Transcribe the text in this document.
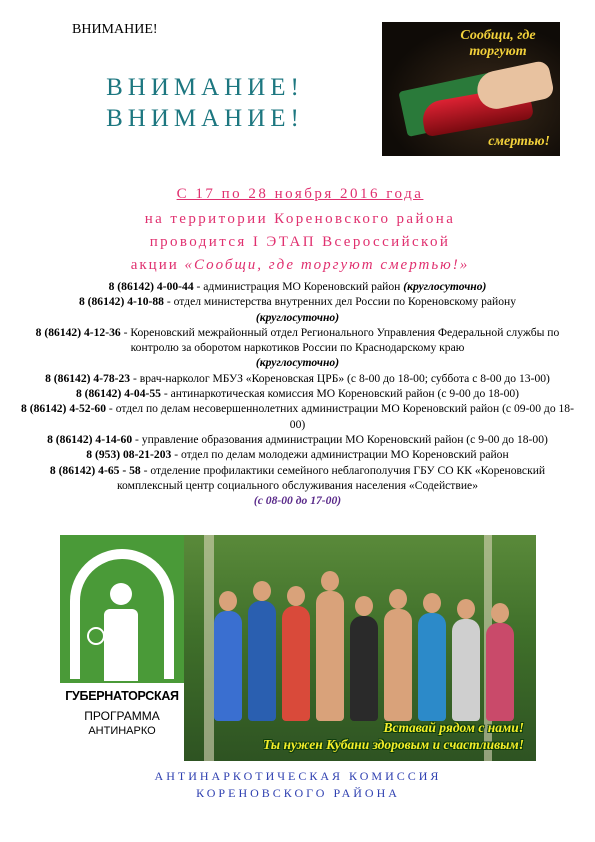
ВНИМАНИЕ!
ВНИМАНИЕ!
ВНИМАНИЕ!
Сообщи, где торгуют
смертью!
С 17 по 28 ноября 2016 года
на территории Кореновского района
проводится I ЭТАП Всероссийской
акции «Сообщи, где торгуют смертью!»
8 (86142) 4-00-44 - администрация МО Кореновский район (круглосуточно)
8 (86142) 4-10-88 - отдел министерства внутренних дел России по Кореновскому району
(круглосуточно)
8 (86142) 4-12-36 - Кореновский межрайонный отдел Регионального Управления Федеральной службы по контролю за оборотом наркотиков России по Краснодарскому краю
(круглосуточно)
8 (86142) 4-78-23 - врач-нарколог МБУЗ «Кореновская ЦРБ» (с 8-00 до 18-00; суббота с 8-00 до 13-00)
8 (86142) 4-04-55 - антинаркотическая комиссия МО Кореновский район (с 9-00 до 18-00)
8 (86142) 4-52-60 - отдел по делам несовершеннолетних администрации МО Кореновский район (с 09-00 до 18-00)
8 (86142) 4-14-60 - управление образования администрации МО Кореновский район (с 9-00 до 18-00)
8 (953) 08-21-203 - отдел по делам молодежи администрации МО Кореновский район
8 (86142) 4-65 - 58 - отделение профилактики семейного неблагополучия ГБУ СО КК «Кореновский комплексный центр социального обслуживания населения «Содействие»
(с 08-00 до 17-00)
ГУБЕРНАТОРСКАЯ
ПРОГРАММА
АНТИНАРКО	Вставай рядом с нами!
Ты нужен Кубани здоровым и счастливым!
АНТИНАРКОТИЧЕСКАЯ КОМИССИЯ
КОРЕНОВСКОГО РАЙОНА
